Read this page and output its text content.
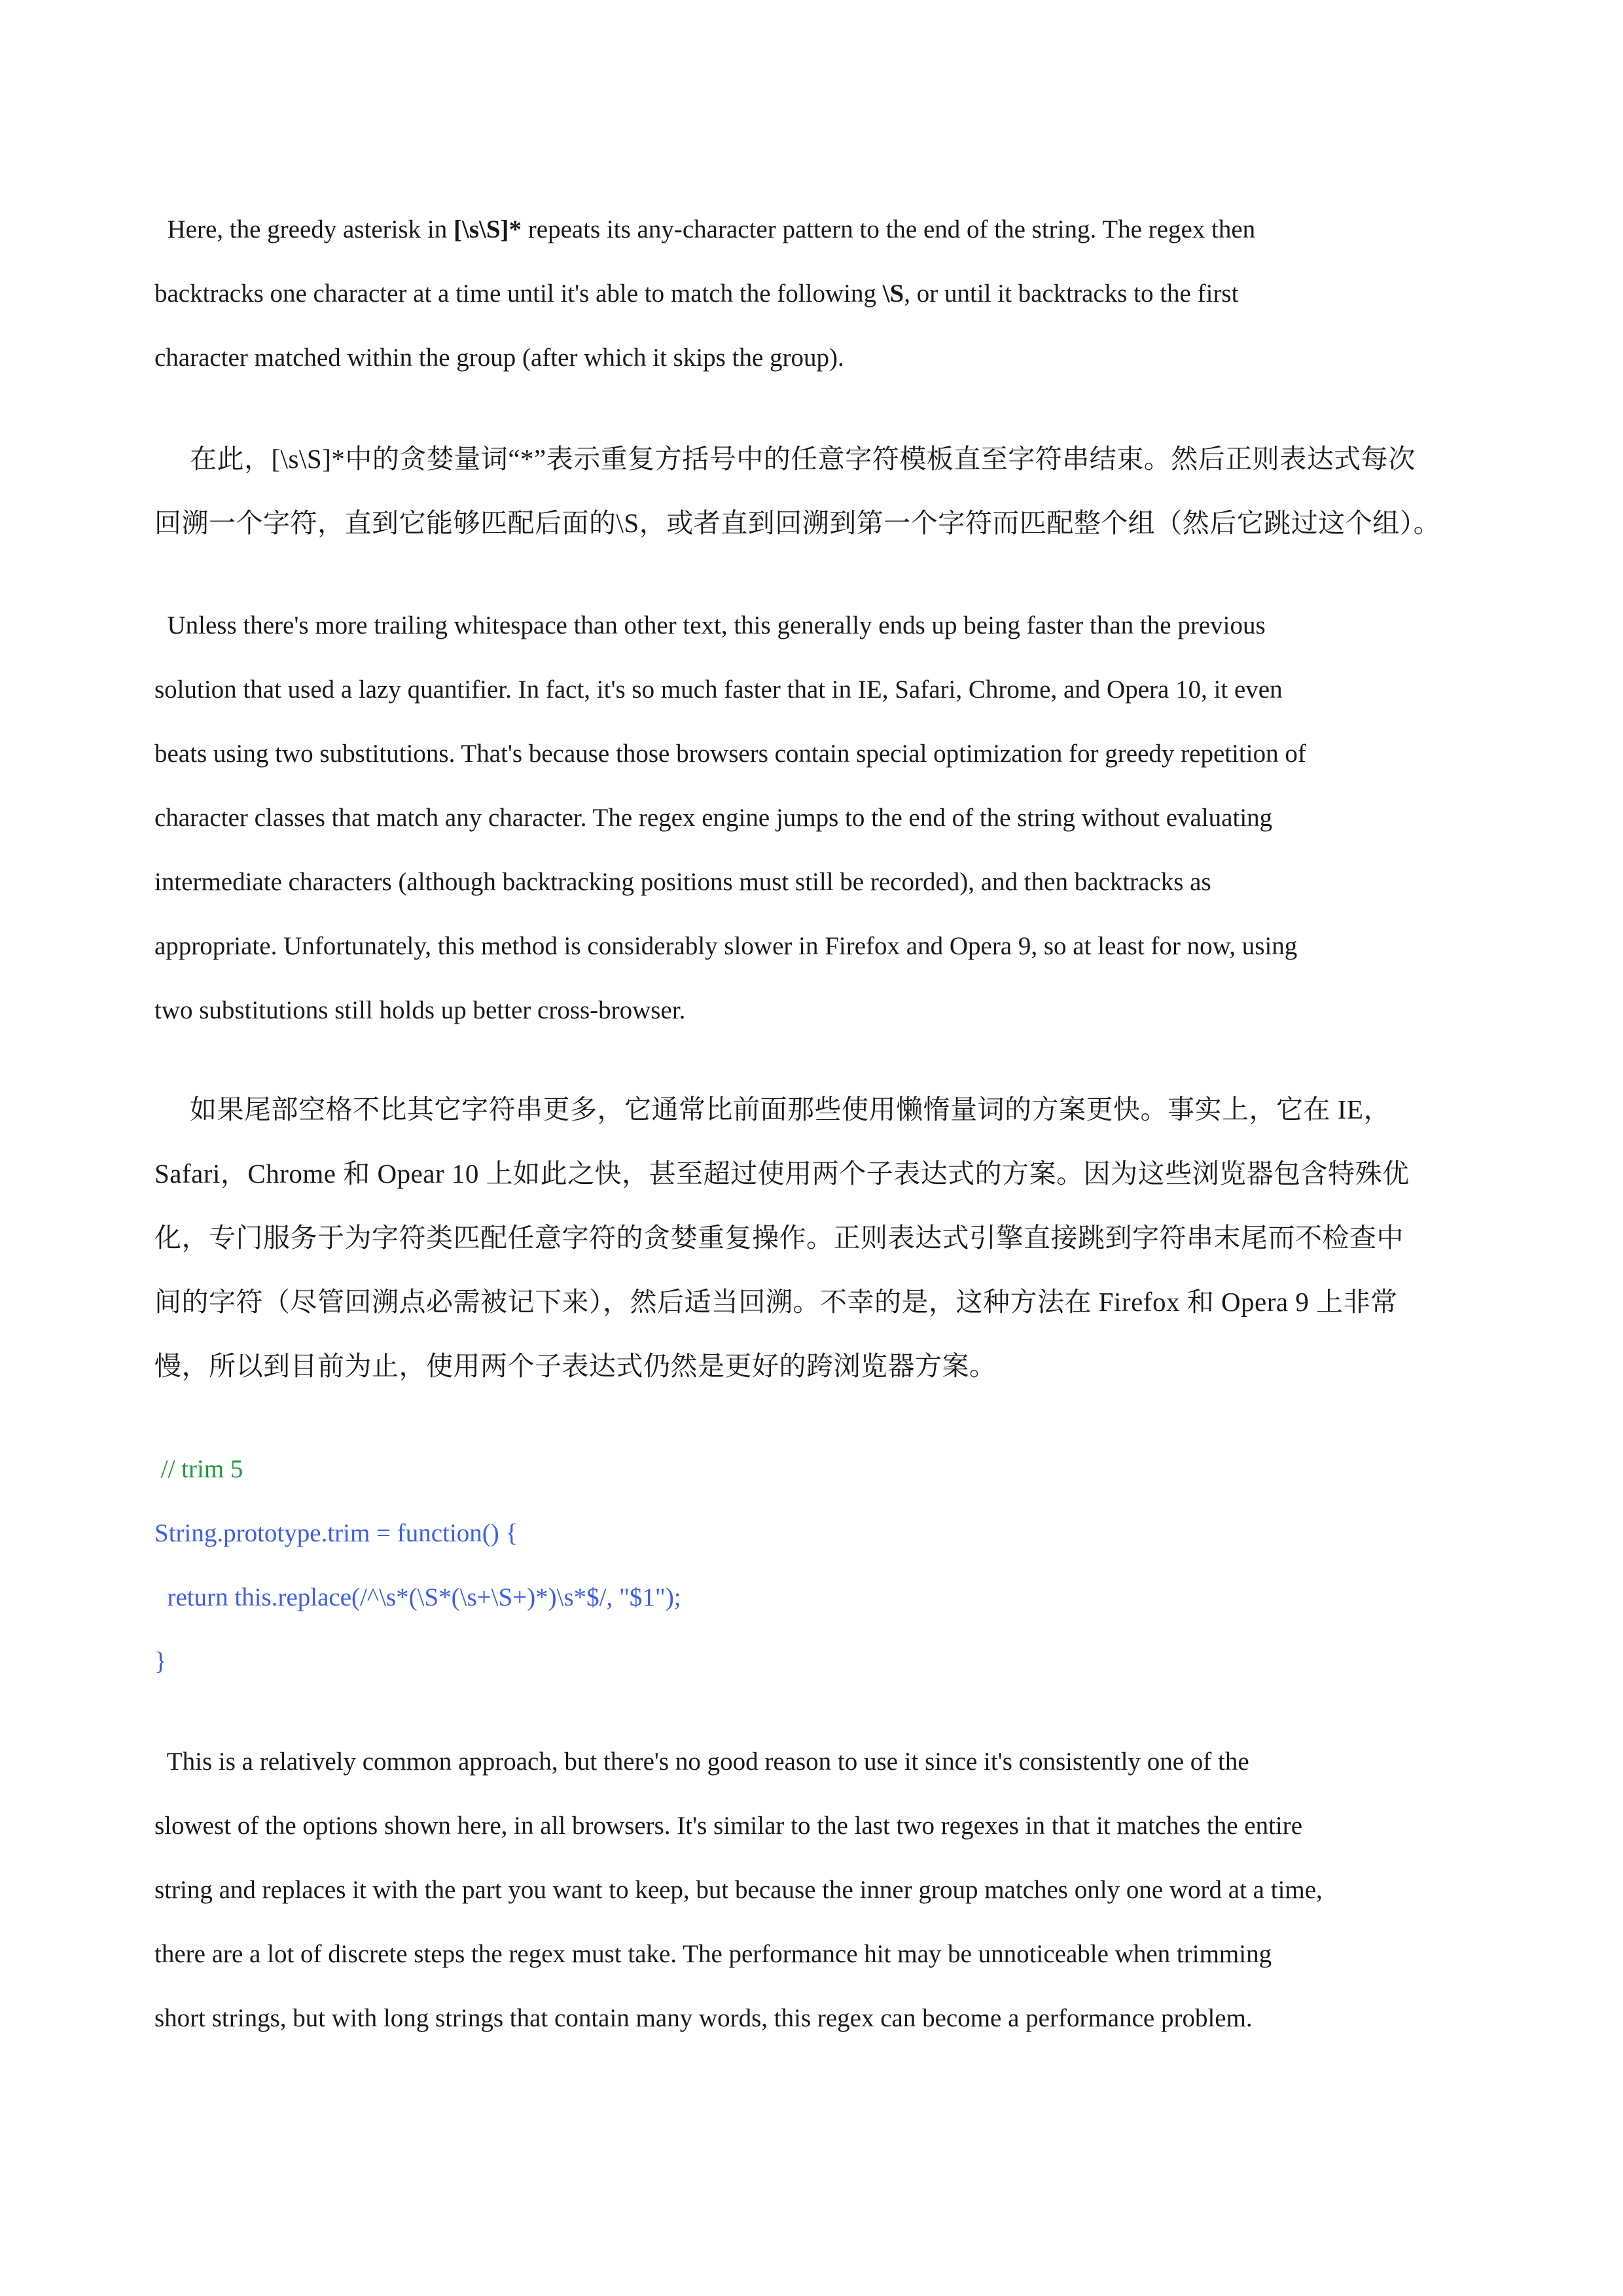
Here, the greedy asterisk in [\s\S]* repeats its any-character pattern to the end of the string. The regex then

backtracks one character at a time until it's able to match the following \S, or until it backtracks to the first

character matched within the group (after which it skips the group).

在此，[\s\S]*中的贪婪量词“*”表示重复方括号中的任意字符模板直至字符串结束。然后正则表达式每次

回溯一个字符，直到它能够匹配后面的\S，或者直到回溯到第一个字符而匹配整个组（然后它跳过这个组）。

Unless there's more trailing whitespace than other text, this generally ends up being faster than the previous

solution that used a lazy quantifier. In fact, it's so much faster that in IE, Safari, Chrome, and Opera 10, it even

beats using two substitutions. That's because those browsers contain special optimization for greedy repetition of

character classes that match any character. The regex engine jumps to the end of the string without evaluating

intermediate characters (although backtracking positions must still be recorded), and then backtracks as

appropriate. Unfortunately, this method is considerably slower in Firefox and Opera 9, so at least for now, using

two substitutions still holds up better cross-browser.

如果尾部空格不比其它字符串更多，它通常比前面那些使用懒惰量词的方案更快。事实上，它在 IE，

Safari，Chrome 和 Opear 10 上如此之快，甚至超过使用两个子表达式的方案。因为这些浏览器包含特殊优

化，专门服务于为字符类匹配任意字符的贪婪重复操作。正则表达式引擎直接跳到字符串末尾而不检查中

间的字符（尽管回溯点必需被记下来），然后适当回溯。不幸的是，这种方法在 Firefox 和 Opera 9 上非常

慢，所以到目前为止，使用两个子表达式仍然是更好的跨浏览器方案。

// trim 5

String.prototype.trim = function() {

return this.replace(/^\s*(\S*(\s+\S+)*)\s*$/, "$1");

}

This is a relatively common approach, but there's no good reason to use it since it's consistently one of the

slowest of the options shown here, in all browsers. It's similar to the last two regexes in that it matches the entire

string and replaces it with the part you want to keep, but because the inner group matches only one word at a time,

there are a lot of discrete steps the regex must take. The performance hit may be unnoticeable when trimming

short strings, but with long strings that contain many words, this regex can become a performance problem.
